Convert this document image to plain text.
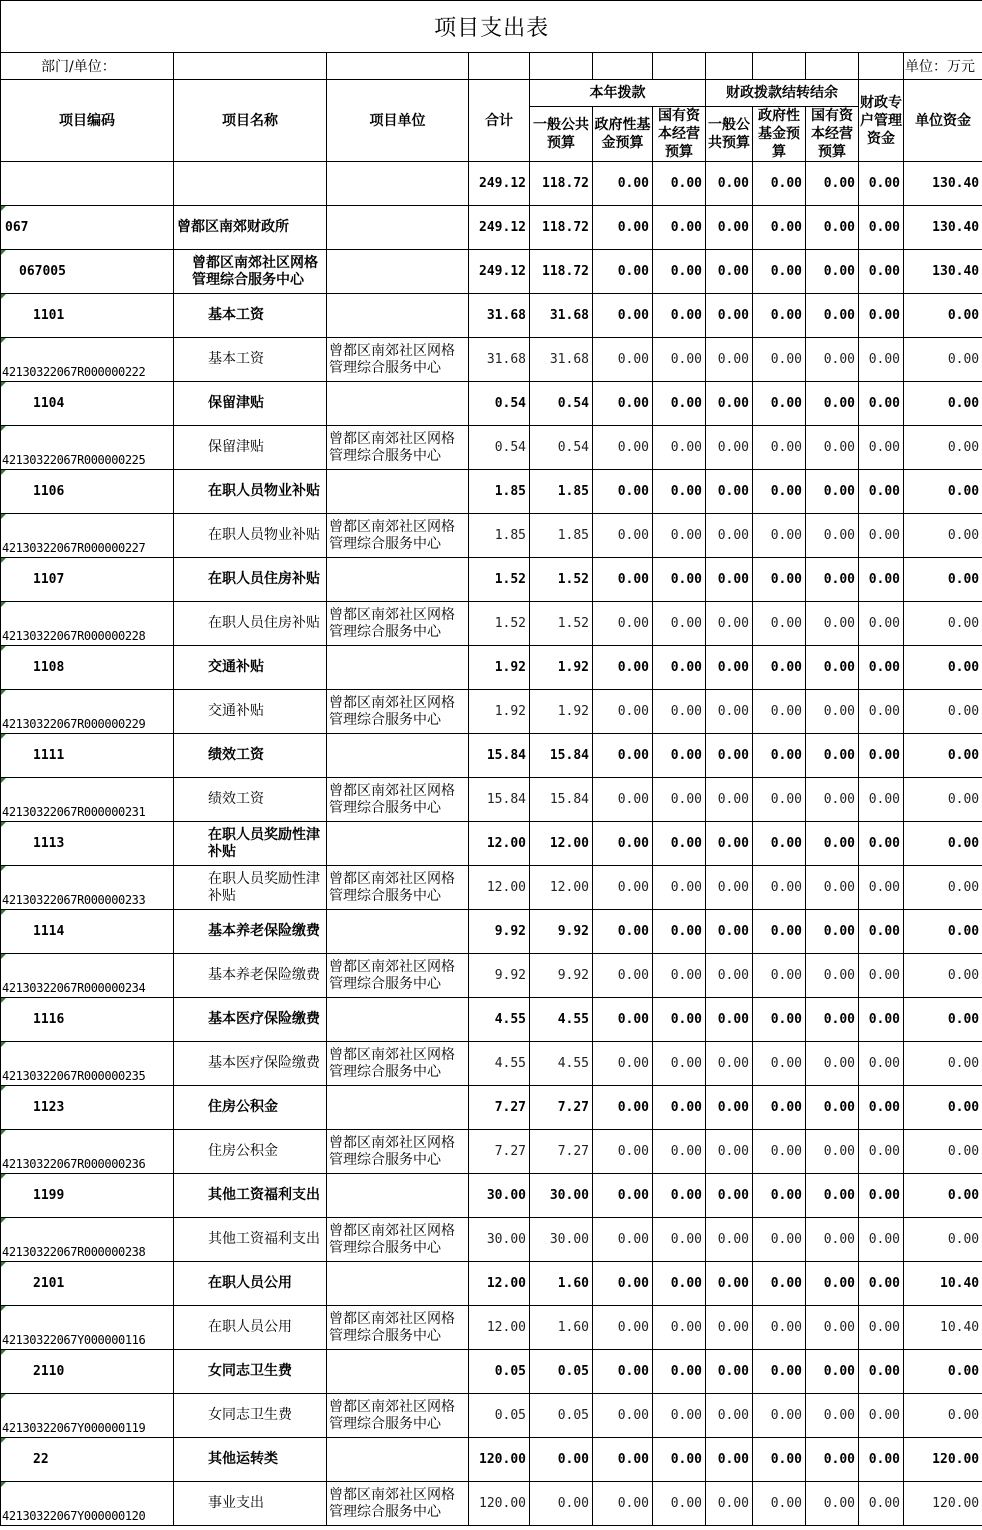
项目支出表											
部门/单位：											单位：万元
项目编码	项目名称	项目单位	合计	本年拨款			财政拨款结转结余			财政专户管理资金	单位资金
				一般公共预算	政府性基金预算	国有资本经营预算	一般公共预算	政府性基金预算	国有资本经营预算		
			249.12	118.72	0.00	0.00	0.00	0.00	0.00	0.00	130.40
067	曾都区南郊财政所		249.12	118.72	0.00	0.00	0.00	0.00	0.00	0.00	130.40
067005	曾都区南郊社区网格管理综合服务中心		249.12	118.72	0.00	0.00	0.00	0.00	0.00	0.00	130.40
1101	基本工资		31.68	31.68	0.00	0.00	0.00	0.00	0.00	0.00	0.00
42130322067R000000222	基本工资	曾都区南郊社区网格管理综合服务中心	31.68	31.68	0.00	0.00	0.00	0.00	0.00	0.00	0.00
1104	保留津贴		0.54	0.54	0.00	0.00	0.00	0.00	0.00	0.00	0.00
42130322067R000000225	保留津贴	曾都区南郊社区网格管理综合服务中心	0.54	0.54	0.00	0.00	0.00	0.00	0.00	0.00	0.00
1106	在职人员物业补贴		1.85	1.85	0.00	0.00	0.00	0.00	0.00	0.00	0.00
42130322067R000000227	在职人员物业补贴	曾都区南郊社区网格管理综合服务中心	1.85	1.85	0.00	0.00	0.00	0.00	0.00	0.00	0.00
1107	在职人员住房补贴		1.52	1.52	0.00	0.00	0.00	0.00	0.00	0.00	0.00
42130322067R000000228	在职人员住房补贴	曾都区南郊社区网格管理综合服务中心	1.52	1.52	0.00	0.00	0.00	0.00	0.00	0.00	0.00
1108	交通补贴		1.92	1.92	0.00	0.00	0.00	0.00	0.00	0.00	0.00
42130322067R000000229	交通补贴	曾都区南郊社区网格管理综合服务中心	1.92	1.92	0.00	0.00	0.00	0.00	0.00	0.00	0.00
1111	绩效工资		15.84	15.84	0.00	0.00	0.00	0.00	0.00	0.00	0.00
42130322067R000000231	绩效工资	曾都区南郊社区网格管理综合服务中心	15.84	15.84	0.00	0.00	0.00	0.00	0.00	0.00	0.00
1113	在职人员奖励性津补贴		12.00	12.00	0.00	0.00	0.00	0.00	0.00	0.00	0.00
42130322067R000000233	在职人员奖励性津补贴	曾都区南郊社区网格管理综合服务中心	12.00	12.00	0.00	0.00	0.00	0.00	0.00	0.00	0.00
1114	基本养老保险缴费		9.92	9.92	0.00	0.00	0.00	0.00	0.00	0.00	0.00
42130322067R000000234	基本养老保险缴费	曾都区南郊社区网格管理综合服务中心	9.92	9.92	0.00	0.00	0.00	0.00	0.00	0.00	0.00
1116	基本医疗保险缴费		4.55	4.55	0.00	0.00	0.00	0.00	0.00	0.00	0.00
42130322067R000000235	基本医疗保险缴费	曾都区南郊社区网格管理综合服务中心	4.55	4.55	0.00	0.00	0.00	0.00	0.00	0.00	0.00
1123	住房公积金		7.27	7.27	0.00	0.00	0.00	0.00	0.00	0.00	0.00
42130322067R000000236	住房公积金	曾都区南郊社区网格管理综合服务中心	7.27	7.27	0.00	0.00	0.00	0.00	0.00	0.00	0.00
1199	其他工资福利支出		30.00	30.00	0.00	0.00	0.00	0.00	0.00	0.00	0.00
42130322067R000000238	其他工资福利支出	曾都区南郊社区网格管理综合服务中心	30.00	30.00	0.00	0.00	0.00	0.00	0.00	0.00	0.00
2101	在职人员公用		12.00	1.60	0.00	0.00	0.00	0.00	0.00	0.00	10.40
42130322067Y000000116	在职人员公用	曾都区南郊社区网格管理综合服务中心	12.00	1.60	0.00	0.00	0.00	0.00	0.00	0.00	10.40
2110	女同志卫生费		0.05	0.05	0.00	0.00	0.00	0.00	0.00	0.00	0.00
42130322067Y000000119	女同志卫生费	曾都区南郊社区网格管理综合服务中心	0.05	0.05	0.00	0.00	0.00	0.00	0.00	0.00	0.00
22	其他运转类		120.00	0.00	0.00	0.00	0.00	0.00	0.00	0.00	120.00
42130322067Y000000120	事业支出	曾都区南郊社区网格管理综合服务中心	120.00	0.00	0.00	0.00	0.00	0.00	0.00	0.00	120.00
